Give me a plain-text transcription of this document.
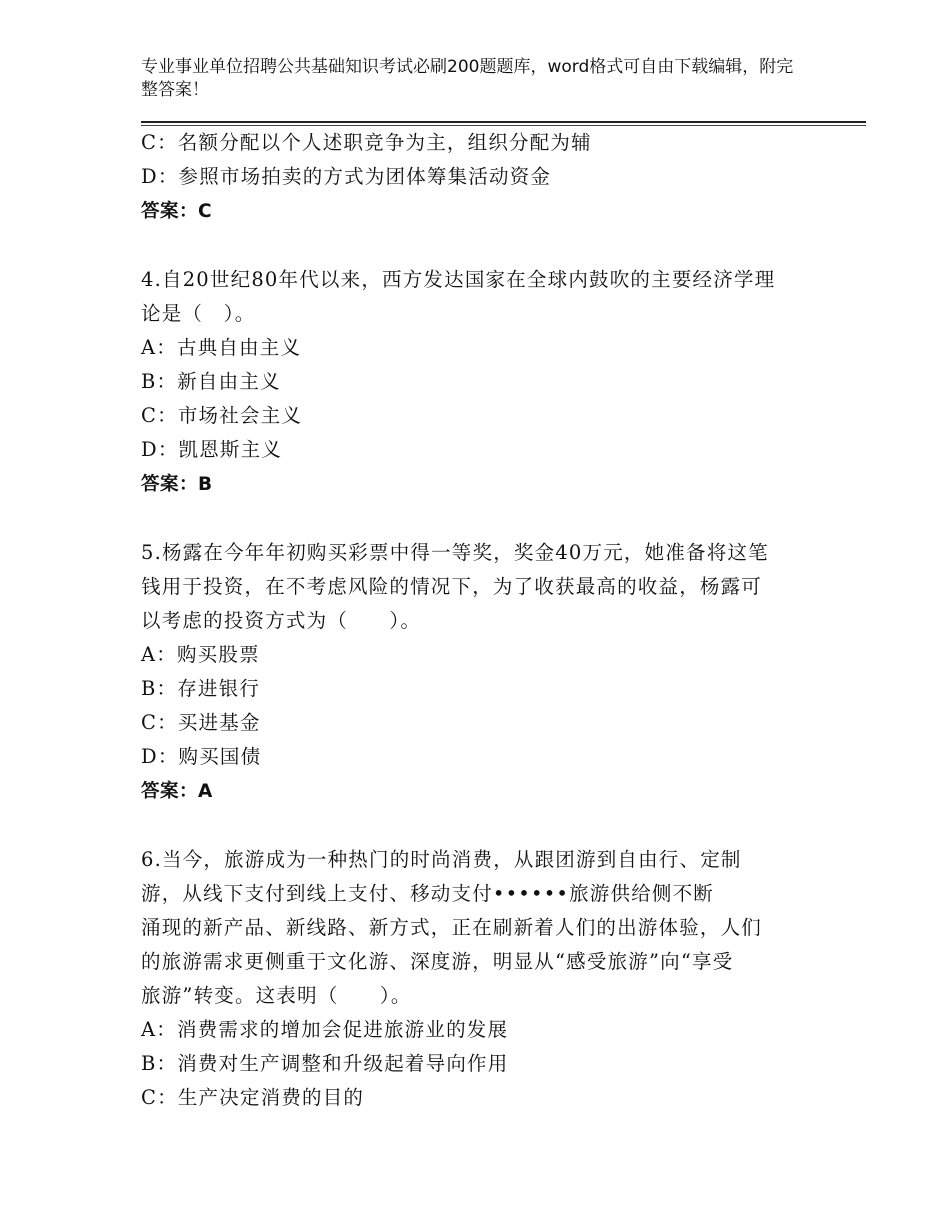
专业事业单位招聘公共基础知识考试必刷200题题库，word格式可自由下载编辑，附完整答案！
C：名额分配以个人述职竞争为主，组织分配为辅
D：参照市场拍卖的方式为团体筹集活动资金
答案：C
4.自20世纪80年代以来，西方发达国家在全球内鼓吹的主要经济学理
论是（　）。
A：古典自由主义
B：新自由主义
C：市场社会主义
D：凯恩斯主义
答案：B
5.杨露在今年年初购买彩票中得一等奖，奖金40万元，她准备将这笔
钱用于投资，在不考虑风险的情况下，为了收获最高的收益，杨露可
以考虑的投资方式为（　　）。
A：购买股票
B：存进银行
C：买进基金
D：购买国债
答案：A
6.当今，旅游成为一种热门的时尚消费，从跟团游到自由行、定制
游，从线下支付到线上支付、移动支付••••••旅游供给侧不断
涌现的新产品、新线路、新方式，正在刷新着人们的出游体验，人们
的旅游需求更侧重于文化游、深度游，明显从“感受旅游”向“享受
旅游”转变。这表明（　　）。
A：消费需求的增加会促进旅游业的发展
B：消费对生产调整和升级起着导向作用
C：生产决定消费的目的
